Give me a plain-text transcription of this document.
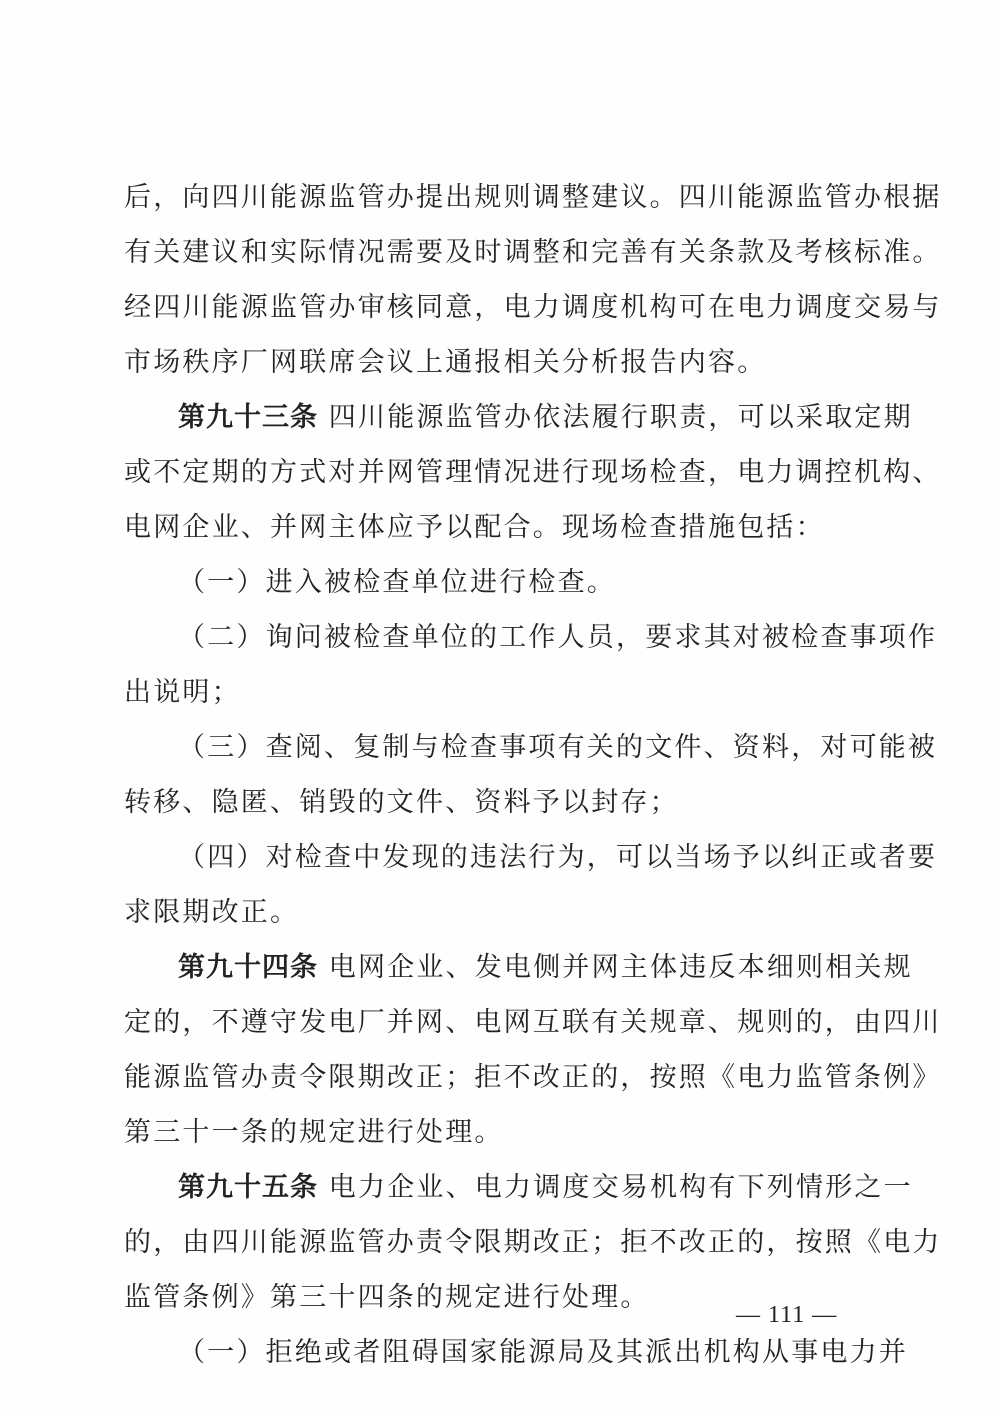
后，向四川能源监管办提出规则调整建议。四川能源监管办根据
有关建议和实际情况需要及时调整和完善有关条款及考核标准。
经四川能源监管办审核同意，电力调度机构可在电力调度交易与
市场秩序厂网联席会议上通报相关分析报告内容。
第九十三条 四川能源监管办依法履行职责，可以采取定期
或不定期的方式对并网管理情况进行现场检查，电力调控机构、
电网企业、并网主体应予以配合。现场检查措施包括：
（一）进入被检查单位进行检查。
（二）询问被检查单位的工作人员，要求其对被检查事项作
出说明；
（三）查阅、复制与检查事项有关的文件、资料，对可能被
转移、隐匿、销毁的文件、资料予以封存；
（四）对检查中发现的违法行为，可以当场予以纠正或者要
求限期改正。
第九十四条 电网企业、发电侧并网主体违反本细则相关规
定的，不遵守发电厂并网、电网互联有关规章、规则的，由四川
能源监管办责令限期改正；拒不改正的，按照《电力监管条例》
第三十一条的规定进行处理。
第九十五条 电力企业、电力调度交易机构有下列情形之一
的，由四川能源监管办责令限期改正；拒不改正的，按照《电力
监管条例》第三十四条的规定进行处理。
（一）拒绝或者阻碍国家能源局及其派出机构从事电力并
— 111 —
